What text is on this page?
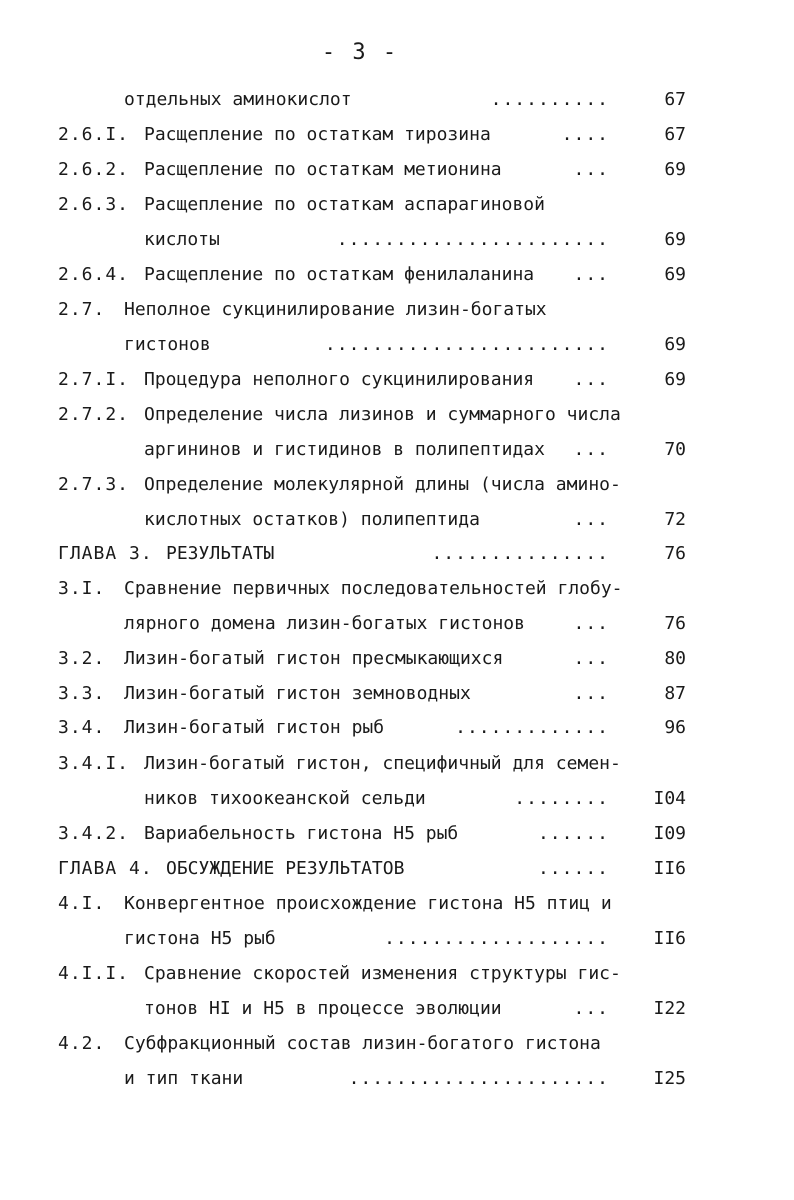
- 3 -
отдельных аминокислот	..........	67
2.6.I. Расщепление по остаткам тирозина	....	67
2.6.2. Расщепление по остаткам метионина	...	69
2.6.3. Расщепление по остаткам аспарагиновой
кислоты	.......................	69
2.6.4. Расщепление по остаткам фенилаланина ...	69
2.7. Неполное сукцинилирование лизин-богатых
гистонов	........................	69
2.7.I. Процедура неполного сукцинилирования ...	69
2.7.2. Определение числа лизинов и суммарного числа
аргининов и гистидинов в полипептидах ...	70
2.7.3. Определение молекулярной длины (числа амино-
кислотных остатков) полипептида	...	72
ГЛАВА 3. РЕЗУЛЬТАТЫ	...............	76
3.I. Сравнение первичных последовательностей глобу-
лярного домена лизин-богатых гистонов	...	76
3.2. Лизин-богатый гистон пресмыкающихся	...	80
3.3. Лизин-богатый гистон земноводных	...	87
3.4. Лизин-богатый гистон рыб	.............	96
3.4.I. Лизин-богатый гистон, специфичный для семен-
ников тихоокеанской сельди	........ I04
3.4.2. Вариабельность гистона Н5 рыб	...... I09
ГЛАВА 4. ОБСУЖДЕНИЕ РЕЗУЛЬТАТОВ	...... II6
4.I. Конвергентное происхождение гистона Н5 птиц и
гистона Н5 рыб	................... II6
4.I.I. Сравнение скоростей изменения структуры гис-
тонов HI и Н5 в процессе эволюции	... I22
4.2. Субфракционный состав лизин-богатого гистона
и тип ткани	...................... I25
